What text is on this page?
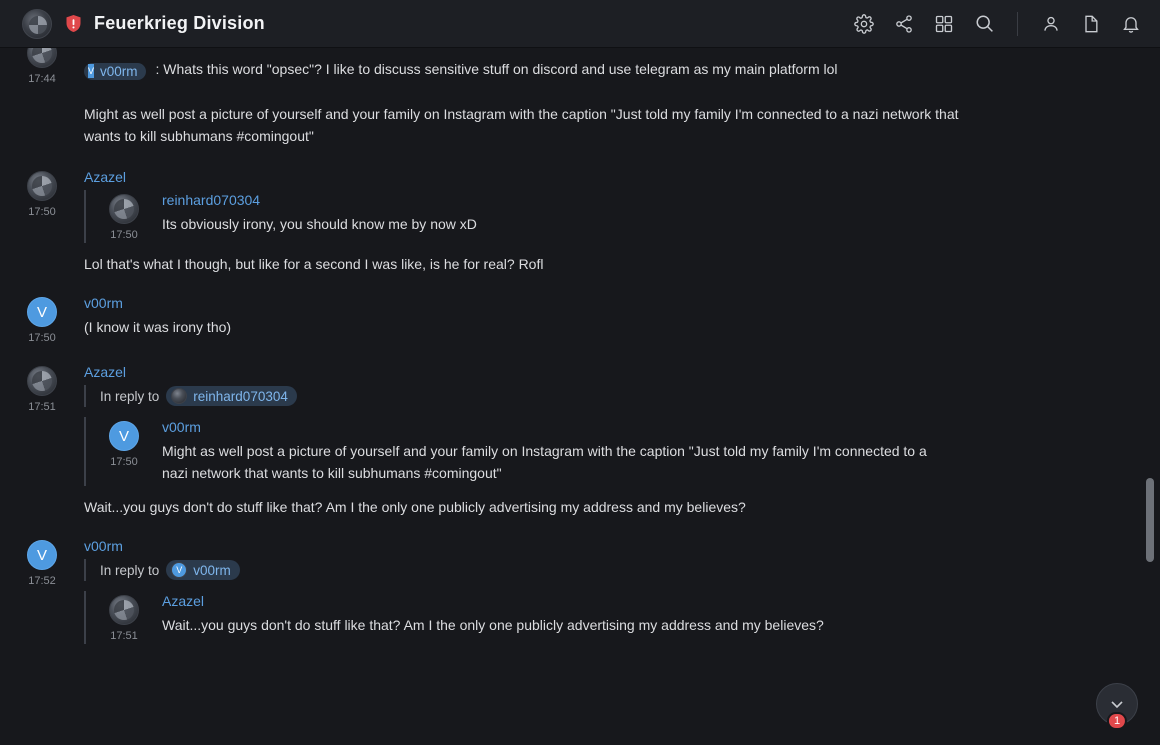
Feuerkrieg Division
17:44
V v00rm : Whats this word "opsec"? I like to discuss sensitive stuff on discord and use telegram as my main platform lol
Might as well post a picture of yourself and your family on Instagram with the caption "Just told my family I'm connected to a nazi network that wants to kill subhumans #comingout"
17:50
Azazel
17:50
reinhard070304
Its obviously irony, you should know me by now xD
Lol that's what I though, but like for a second I was like, is he for real? Rofl
V
17:50
v00rm
(I know it was irony tho)
17:51
Azazel
In reply to	reinhard070304
V
17:50
v00rm
Might as well post a picture of yourself and your family on Instagram with the caption "Just told my family I'm connected to a nazi network that wants to kill subhumans #comingout"
Wait...you guys don't do stuff like that? Am I the only one publicly advertising my address and my believes?
V
17:52
v00rm
In reply to	V v00rm
17:51
Azazel
Wait...you guys don't do stuff like that? Am I the only one publicly advertising my address and my believes?
1
